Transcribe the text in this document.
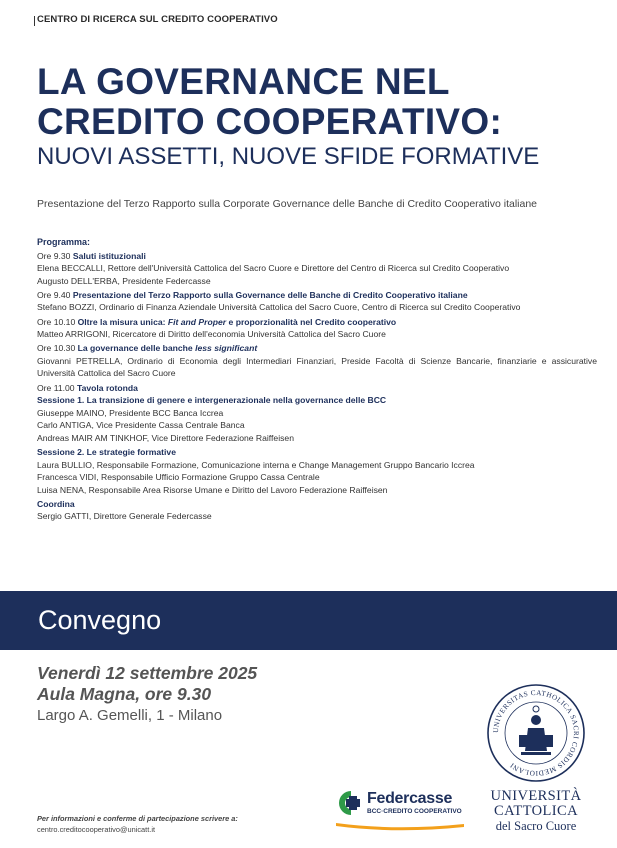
CENTRO DI RICERCA SUL CREDITO COOPERATIVO
LA GOVERNANCE NEL
CREDITO COOPERATIVO:
NUOVI ASSETTI, NUOVE SFIDE FORMATIVE
Presentazione del Terzo Rapporto sulla Corporate Governance delle Banche di Credito Cooperativo italiane
Programma:
Ore 9.30 Saluti istituzionali
Elena BECCALLI, Rettore dell'Università Cattolica del Sacro Cuore e Direttore del Centro di Ricerca sul Credito Cooperativo
Augusto DELL'ERBA, Presidente Federcasse
Ore 9.40 Presentazione del Terzo Rapporto sulla Governance delle Banche di Credito Cooperativo italiane
Stefano BOZZI, Ordinario di Finanza Aziendale Università Cattolica del Sacro Cuore, Centro di Ricerca sul Credito Cooperativo
Ore 10.10 Oltre la misura unica: Fit and Proper e proporzionalità nel Credito cooperativo
Matteo ARRIGONI, Ricercatore di Diritto dell'economia Università Cattolica del Sacro Cuore
Ore 10.30 La governance delle banche less significant
Giovanni PETRELLA, Ordinario di Economia degli Intermediari Finanziari, Preside Facoltà di Scienze Bancarie, finanziarie e assicurative Università Cattolica del Sacro Cuore
Ore 11.00 Tavola rotonda
Sessione 1. La transizione di genere e intergenerazionale nella governance delle BCC
Giuseppe MAINO, Presidente BCC Banca Iccrea
Carlo ANTIGA, Vice Presidente Cassa Centrale Banca
Andreas MAIR AM TINKHOF, Vice Direttore Federazione Raiffeisen
Sessione 2. Le strategie formative
Laura BULLIO, Responsabile Formazione, Comunicazione interna e Change Management Gruppo Bancario Iccrea
Francesca VIDI, Responsabile Ufficio Formazione Gruppo Cassa Centrale
Luisa NENA, Responsabile Area Risorse Umane e Diritto del Lavoro Federazione Raiffeisen
Coordina
Sergio GATTI, Direttore Generale Federcasse
Convegno
Venerdì 12 settembre 2025
Aula Magna, ore 9.30
Largo A. Gemelli, 1 - Milano
Per informazioni e conferme di partecipazione scrivere a:
centro.creditocooperativo@unicatt.it
Federcasse
BCC·CREDITO COOPERATIVO
UNIVERSITAS CATHOLICA SACRI CORDIS MEDIOLANI
UNIVERSITÀ
CATTOLICA
del Sacro Cuore
